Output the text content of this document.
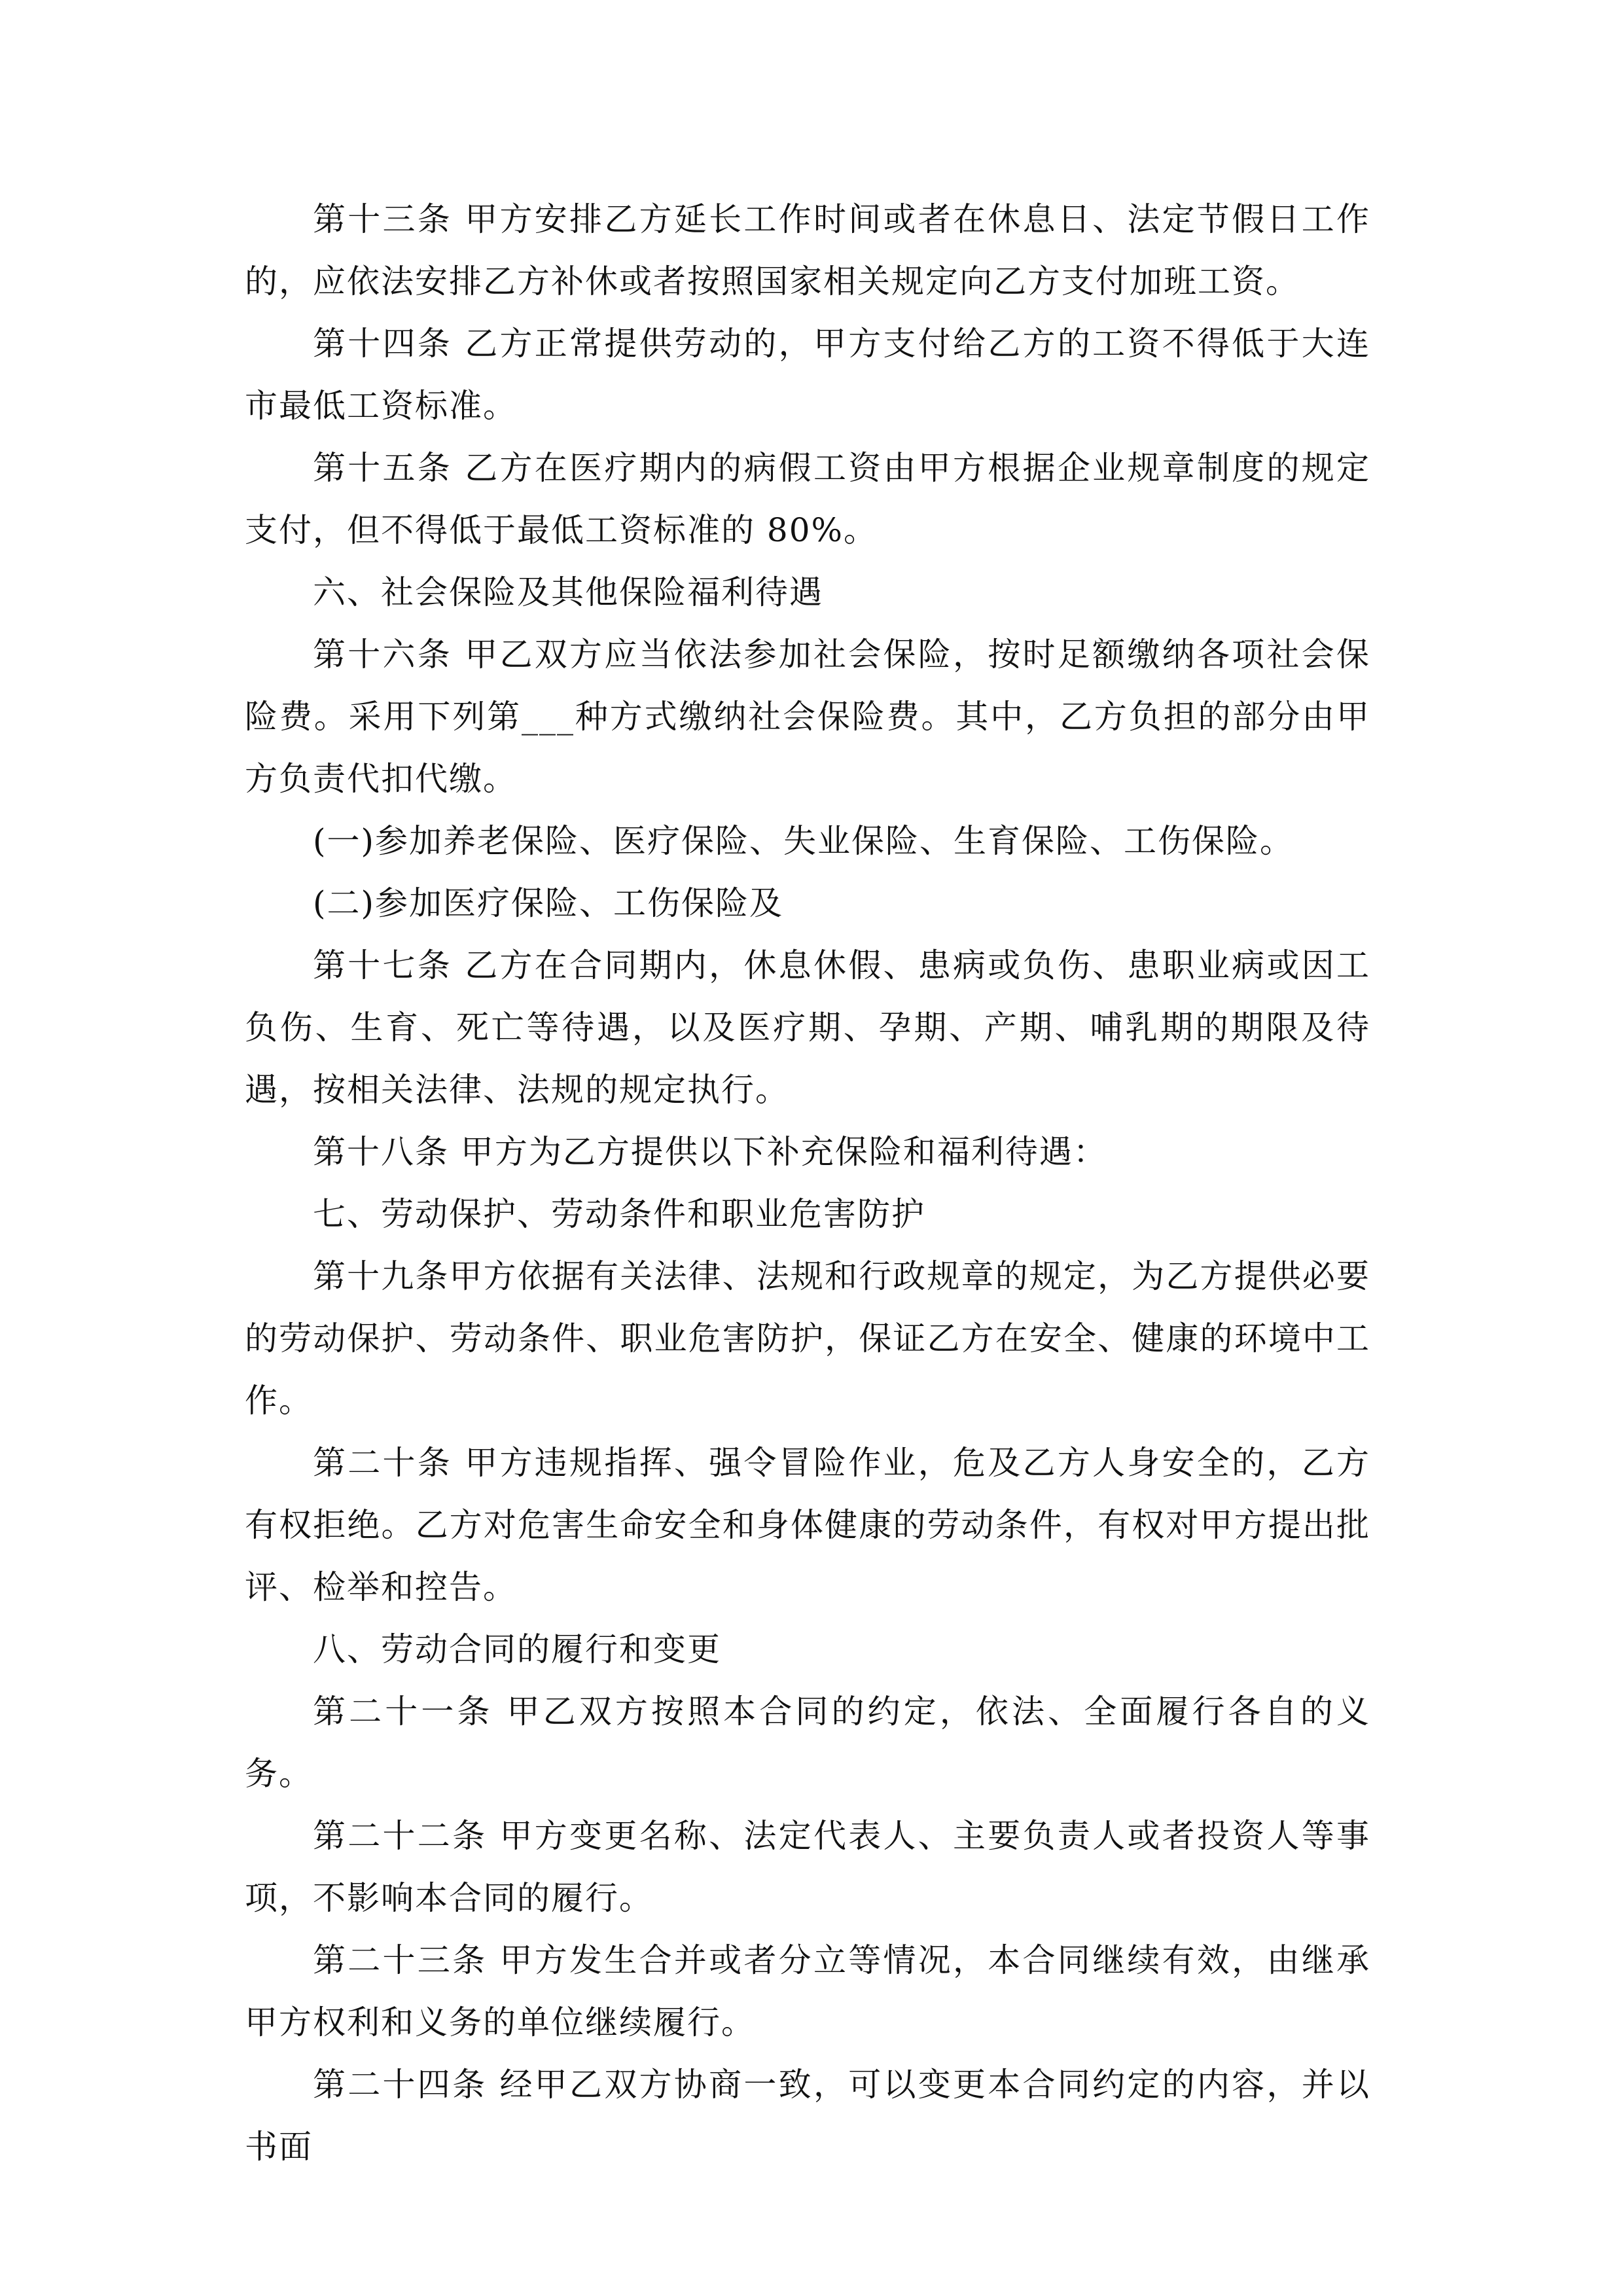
第十三条 甲方安排乙方延长工作时间或者在休息日、法定节假日工作的，应依法安排乙方补休或者按照国家相关规定向乙方支付加班工资。

第十四条 乙方正常提供劳动的，甲方支付给乙方的工资不得低于大连市最低工资标准。

第十五条 乙方在医疗期内的病假工资由甲方根据企业规章制度的规定支付，但不得低于最低工资标准的 80%。

六、社会保险及其他保险福利待遇

第十六条 甲乙双方应当依法参加社会保险，按时足额缴纳各项社会保险费。采用下列第___种方式缴纳社会保险费。其中，乙方负担的部分由甲方负责代扣代缴。

(一)参加养老保险、医疗保险、失业保险、生育保险、工伤保险。

(二)参加医疗保险、工伤保险及

第十七条 乙方在合同期内，休息休假、患病或负伤、患职业病或因工负伤、生育、死亡等待遇，以及医疗期、孕期、产期、哺乳期的期限及待遇，按相关法律、法规的规定执行。

第十八条 甲方为乙方提供以下补充保险和福利待遇：

七、劳动保护、劳动条件和职业危害防护

第十九条甲方依据有关法律、法规和行政规章的规定，为乙方提供必要的劳动保护、劳动条件、职业危害防护，保证乙方在安全、健康的环境中工作。

第二十条 甲方违规指挥、强令冒险作业，危及乙方人身安全的，乙方有权拒绝。乙方对危害生命安全和身体健康的劳动条件，有权对甲方提出批评、检举和控告。

八、劳动合同的履行和变更

第二十一条 甲乙双方按照本合同的约定，依法、全面履行各自的义务。

第二十二条 甲方变更名称、法定代表人、主要负责人或者投资人等事项，不影响本合同的履行。

第二十三条 甲方发生合并或者分立等情况，本合同继续有效，由继承甲方权利和义务的单位继续履行。

第二十四条 经甲乙双方协商一致，可以变更本合同约定的内容，并以书面
